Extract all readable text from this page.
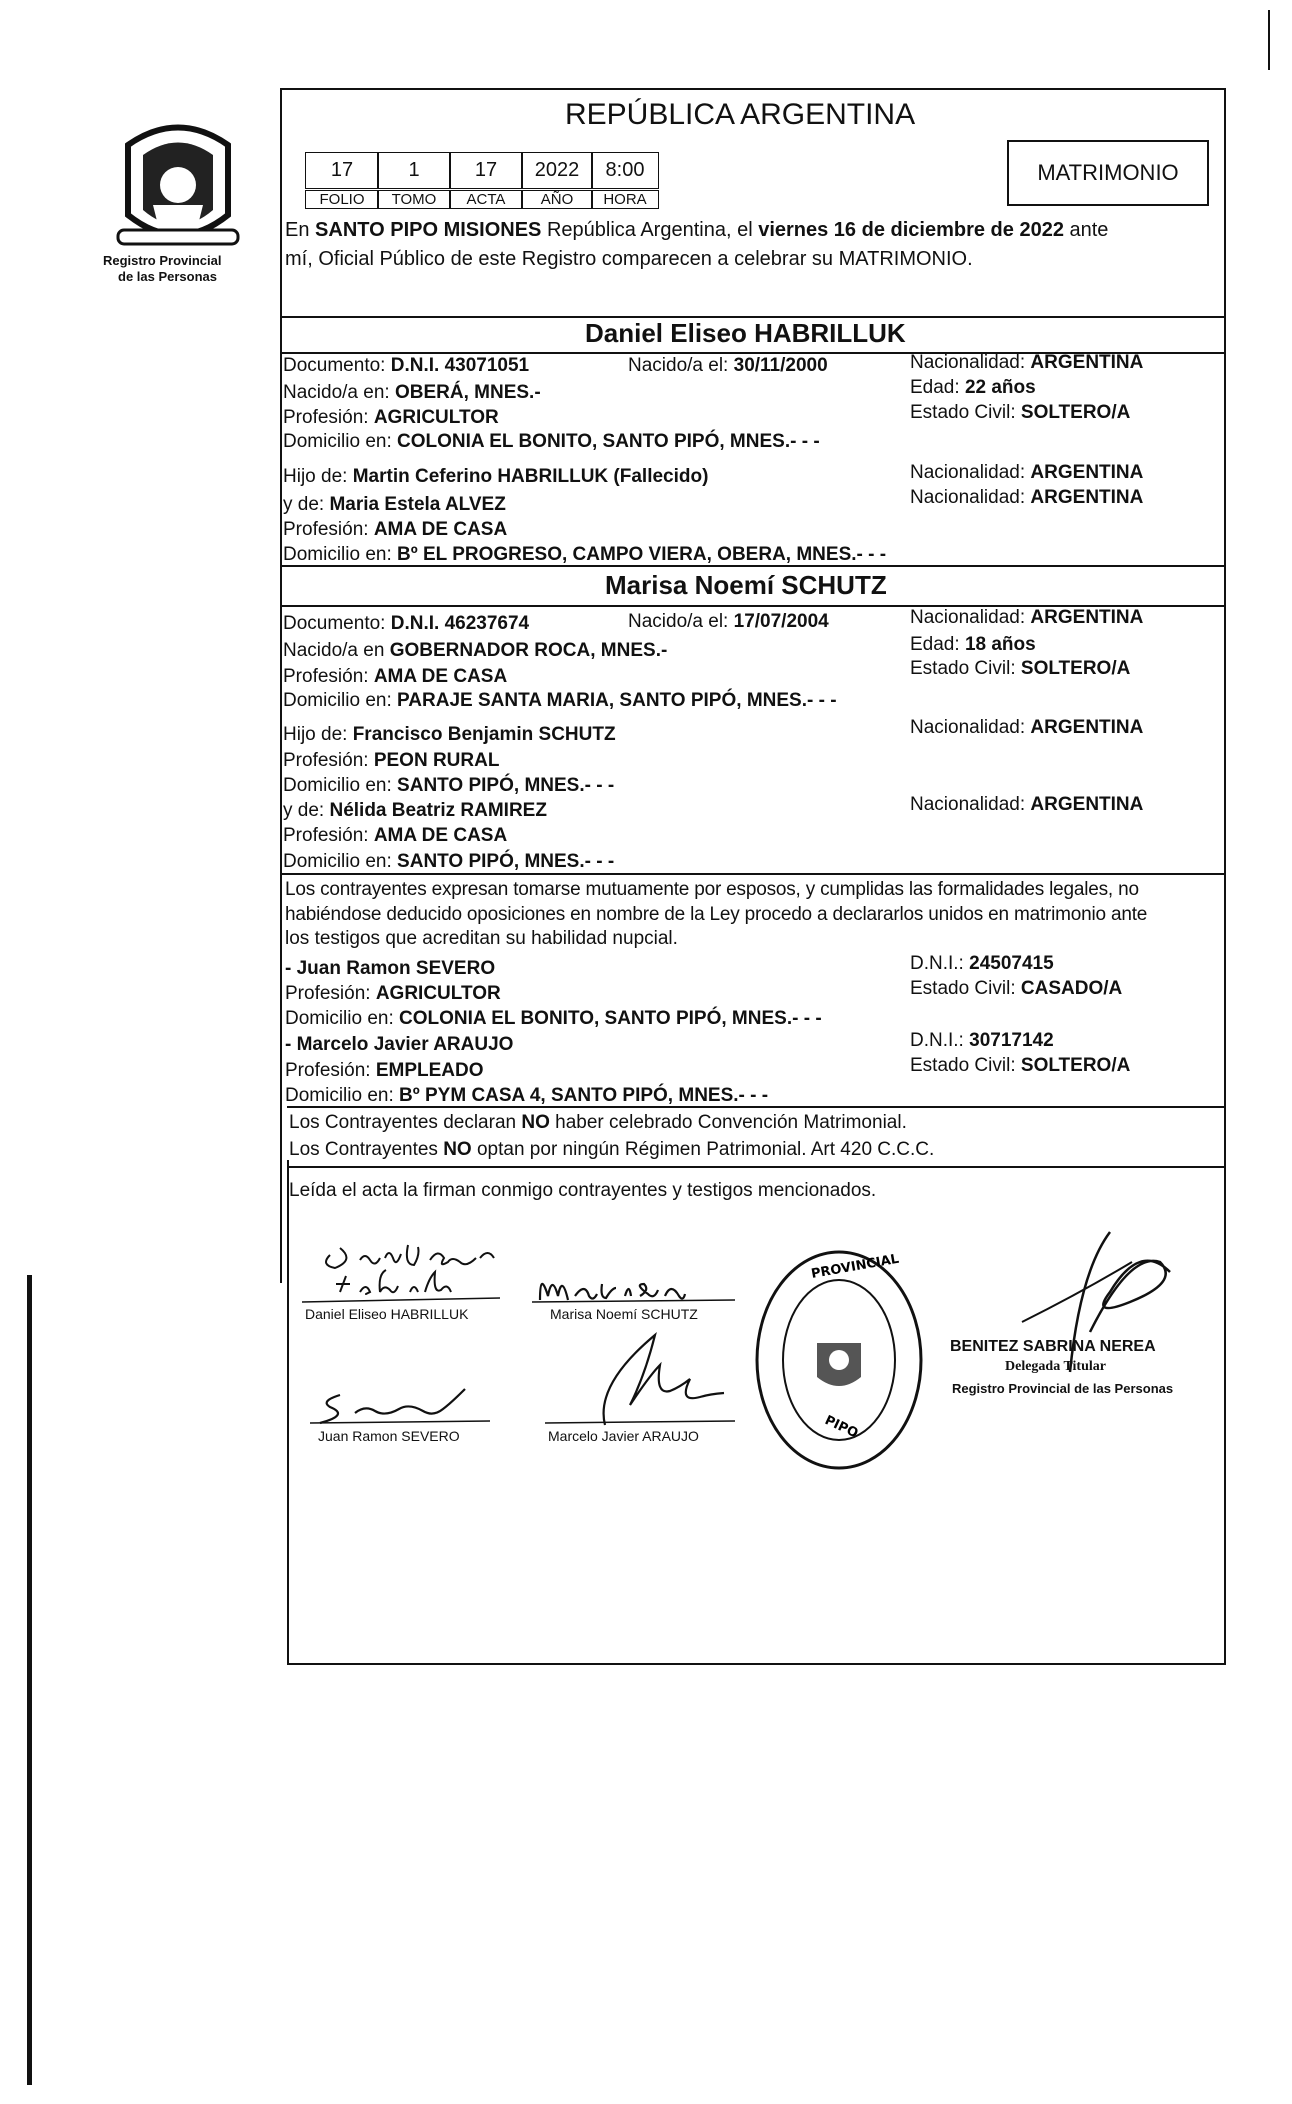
Registro Provincial
de las Personas
REPÚBLICA ARGENTINA
17	1	17	2022	8:00
FOLIO	TOMO	ACTA	AÑO	HORA
MATRIMONIO
En SANTO PIPO MISIONES República Argentina, el viernes 16 de diciembre de 2022 ante
mí, Oficial Público de este Registro comparecen a celebrar su MATRIMONIO.
Daniel Eliseo HABRILLUK
Documento: D.N.I. 43071051	Nacido/a el: 30/11/2000	Nacionalidad: ARGENTINA
Nacido/a en: OBERÁ, MNES.-	Edad: 22 años
Profesión: AGRICULTOR	Estado Civil: SOLTERO/A
Domicilio en: COLONIA EL BONITO, SANTO PIPÓ, MNES.- - -
Hijo de: Martin Ceferino HABRILLUK (Fallecido)	Nacionalidad: ARGENTINA
y de: Maria Estela ALVEZ	Nacionalidad: ARGENTINA
Profesión: AMA DE CASA
Domicilio en: Bº EL PROGRESO, CAMPO VIERA, OBERA, MNES.- - -
Marisa Noemí SCHUTZ
Documento: D.N.I. 46237674	Nacido/a el: 17/07/2004	Nacionalidad: ARGENTINA
Nacido/a en GOBERNADOR ROCA, MNES.-	Edad: 18 años
Profesión: AMA DE CASA	Estado Civil: SOLTERO/A
Domicilio en: PARAJE SANTA MARIA, SANTO PIPÓ, MNES.- - -
Hijo de: Francisco Benjamin SCHUTZ	Nacionalidad: ARGENTINA
Profesión: PEON RURAL
Domicilio en: SANTO PIPÓ, MNES.- - -
y de: Nélida Beatriz RAMIREZ	Nacionalidad: ARGENTINA
Profesión: AMA DE CASA
Domicilio en: SANTO PIPÓ, MNES.- - -
Los contrayentes expresan tomarse mutuamente por esposos, y cumplidas las formalidades legales, no
habiéndose deducido oposiciones en nombre de la Ley procedo a declararlos unidos en matrimonio ante
los testigos que acreditan su habilidad nupcial.
- Juan Ramon SEVERO	D.N.I.: 24507415
Profesión: AGRICULTOR	Estado Civil: CASADO/A
Domicilio en: COLONIA EL BONITO, SANTO PIPÓ, MNES.- - -
- Marcelo Javier ARAUJO	D.N.I.: 30717142
Profesión: EMPLEADO	Estado Civil: SOLTERO/A
Domicilio en: Bº PYM CASA 4, SANTO PIPÓ, MNES.- - -
Los Contrayentes declaran NO haber celebrado Convención Matrimonial.
Los Contrayentes NO optan por ningún Régimen Patrimonial. Art 420 C.C.C.
Leída el acta la firman conmigo contrayentes y testigos mencionados.
Daniel Eliseo HABRILLUK	Marisa Noemí SCHUTZ
Juan Ramon SEVERO	Marcelo Javier ARAUJO
PROVINCIAL
PIPO
BENITEZ SABRINA NEREA
Delegada Titular
Registro Provincial de las Personas
